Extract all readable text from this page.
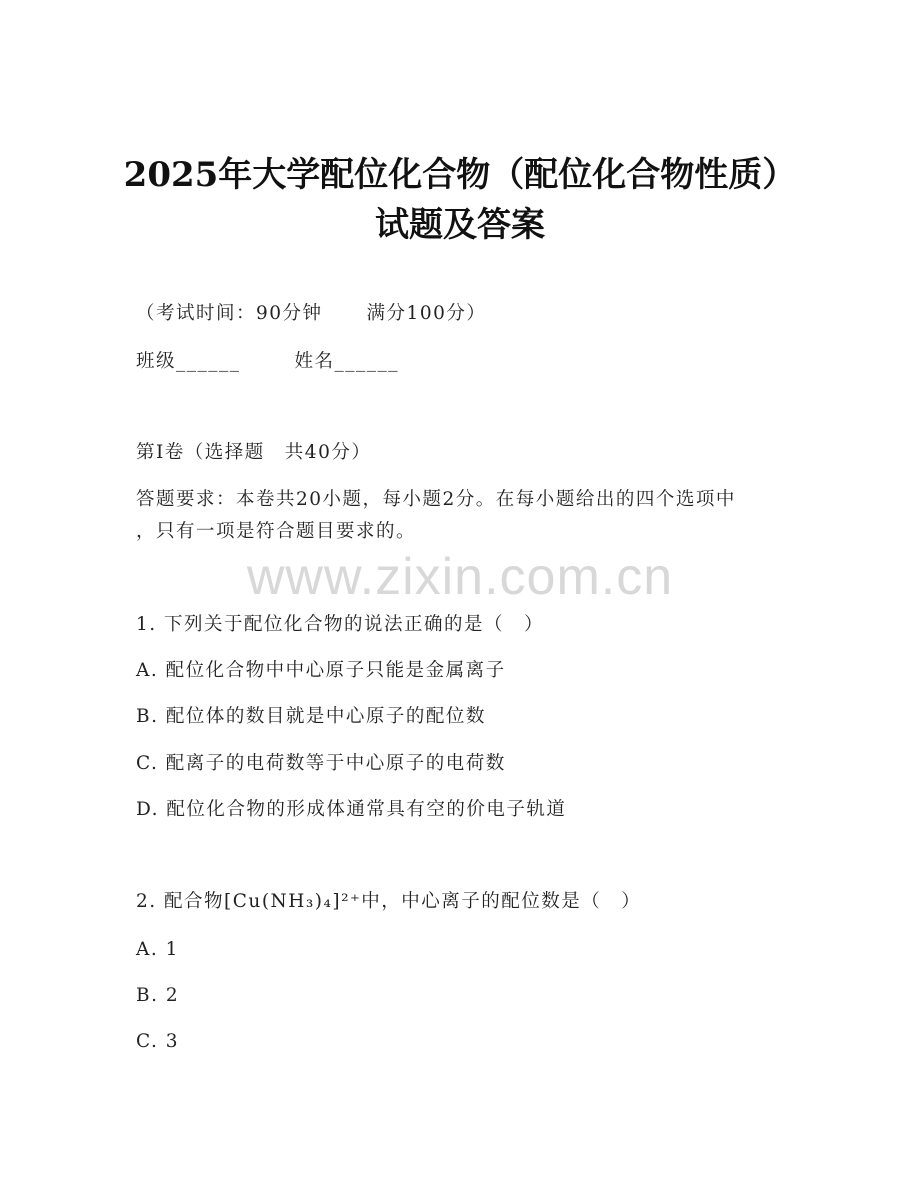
2025年大学配位化合物（配位化合物性质）
试题及答案
（考试时间：90分钟 满分100分）
班级______	姓名______
第I卷（选择题　共40分）
答题要求：本卷共20小题，每小题2分。在每小题给出的四个选项中
，只有一项是符合题目要求的。
www.zixin.com.cn
1. 下列关于配位化合物的说法正确的是（　）
A. 配位化合物中中心原子只能是金属离子
B. 配位体的数目就是中心原子的配位数
C. 配离子的电荷数等于中心原子的电荷数
D. 配位化合物的形成体通常具有空的价电子轨道
2. 配合物[Cu(NH₃)₄]²⁺中，中心离子的配位数是（　）
A. 1
B. 2
C. 3
